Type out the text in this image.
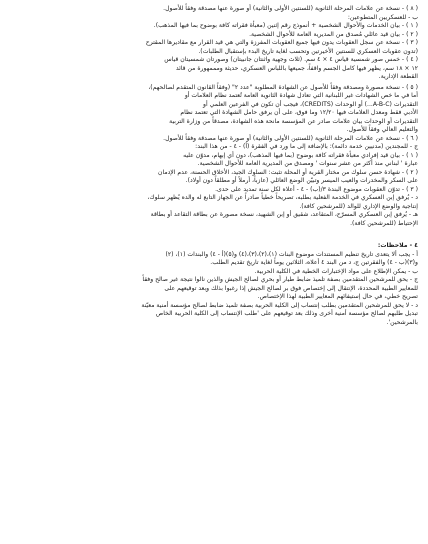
( ٨ ) - نسخة عن علامات المرحلة الثانوية (للسنتين الأولى والثانية) أو صورة عنها مصدقة وفقاً للأصول.

ب - للعسكريين المتطوعين:

( ١ ) - بيان الخدمات والأحوال الشخصية + أنموذج رقم إثنين (معبأة فقراته كافة بوضوح بما فيها المذهب).

( ٢ ) - بيان قيد عائلي مُصدق من المديرية العامة للأحوال الشخصية.

( ٣ ) - نسخة عن سجل العقوبات يدون فيها جميع العقوبات المفرزة والتي هي قيد القرار مع مقاديرها المقترح

(تدون عقوبات العسكري للسنتين الأخيرتين وتحسب لغاية تاريخ البدء بإستقبال الطلبات).

( ٤ ) - خمس صور شمسية قياس ٤ × ٤ سم. (ثلاث وجهية واثنتان جانبيتان) وصورتان شمسيتان قياس

١٢ × ١٨ سم، يظهر فيها كامل الجسم واقفاً، جميعها باللباس العسكري، حديثة ومممهورة من قائد

القطعة الإدارية.

( ٥ ) - نسخة مصورة ومصدقة وفقاً للأصول عن الشهادة المطلوبة "عدد ٢" (وفقاً القانون المتقدم لصالحهم)،

أما في ما خص الشهادات غير اللبنانية التي تعادل شهادة الثانوية العامة تُعتمد نظام العلامات أو

التقديرات (A-B-C...) أو الوحدات (CREDITS)، فيجب أن تكون في الفرعين العلمي أو

الأدبي فقط ومعدل العلامات فيها ١٢/٢٠ وما فوق، على أن يرفق حامل الشهادة التي تعتمد نظام

التقديرات أو الوحدات بيان علامات صادر عن المؤسسة مانحة هذه الشهادة، مصدقاً من وزارة التربية

والتعليم العالي وفقاً للأصول.

( ٦ ) - نسخة عن علامات المرحلة الثانوية (للسنتين الأولى والثانية) أو صورة عنها مصدقة وفقاً للأصول.

ج - للمجندين (مدنيين خدمة دائمة): بالإضافة إلى ما ورد في الفقرة (أ) - ٤ - من هذا البند:

( ١ ) - بيان قيد إفرادي معبأة فقراته كافة بوضوح (بما فيها المذهب)، دون أي إبهام، مدوّن عليه

عبارة ' لبناني منذ أكثر من عشر سنوات ' ومصدق من المديرية العامة للأحوال الشخصية.

( ٢ ) - شهادة حسن سلوك من مختار القرية أو المحلة تثبت: السلوك الجيد، الأخلاق الحسنة، عدم الإدمان

على السكر والمخدرات والعيب الميسر وتبيّن الوضع العائلي (عازباً، أرملاً أو مطلقاً دون أولاد).

( ٣ ) - تدوّن العقوبات موضوع البندة ٣/(ب) - ٤ - أعلاه لكل سنة تمديد على حدى.

د - يُرفق إبن العسكري في الخدمة الفعلية بطلبه، تصريحاً خطياً صادراً عن الجهاز التابع له والده يُظهر سلوك،

إنتاجية والوضع الإداري للوالد (للمرشحين كافة).

هـ - يُرفق إبن العسكري المسرّح، المتقاعد، شقيق أو إبن الشهيد، نسخة مصورة عن بطاقة التقاعد أو بطاقة

الإحتياط (للمرشحين كافة).

٤ - ملاحظات:

أ - يجب ألا يتعدى تاريخ تنظيم المستندات موضوع البنات (١)،(٢)،(٣)،(٤) و(٥)(أ - ٤) والبندات (١)، (٢)

و(٣)(ب - ٤) والفقرتين ج، د من البند ٤ أعلاه، الثلاثين يوماً لغاية تاريخ تقديم الطلب.

ب - يمكن الإطلاع على مواد الإختبارات الخطية في الكلية الحربية.

ج - يحق للمرشحين المتقدمين بصفة تلميذ ضابط طيار أو بحري لصالح الجيش والذين نالوا نتيجة غير صالح وفقاً

للمعايير الطبية المحددة، الإنتقال إلى إختصاص فوق بر لصالح الجيش إذا رغبوا بذلك وبعد توقيعهم على

تصريح خطي، في حال إستيفائهم المعايير الطبية لهذا الإختصاص.

د - لا يحق للمرشحين المتقدمين بطلب إنتساب إلى الكلية الحربية بصفة تلميذ ضابط لصالح مؤسسة أمنية معيّنة

تبديل طلبهم لصالح مؤسسة أمنية أخرى وذلك بعد توقيعهم على 'طلب الإنتساب إلى الكلية الحربية الخاص

بالمرشحين'.
